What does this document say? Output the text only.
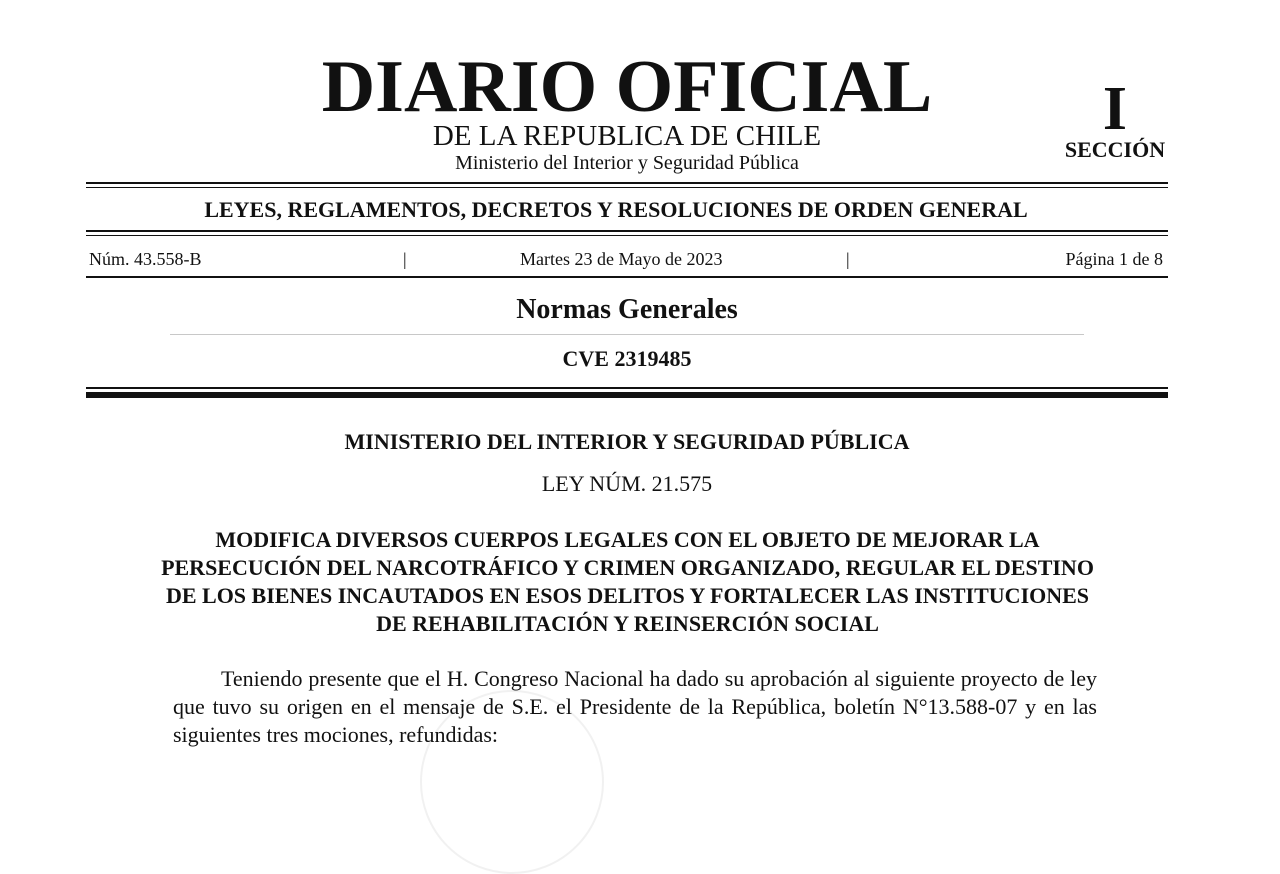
DIARIO OFICIAL
DE LA REPUBLICA DE CHILE
Ministerio del Interior y Seguridad Pública
I
SECCIÓN
LEYES, REGLAMENTOS, DECRETOS Y RESOLUCIONES DE ORDEN GENERAL
Núm. 43.558-B	|	Martes 23 de Mayo de 2023	|	Página 1 de 8
Normas Generales
CVE 2319485
MINISTERIO DEL INTERIOR Y SEGURIDAD PÚBLICA
LEY NÚM. 21.575
MODIFICA DIVERSOS CUERPOS LEGALES CON EL OBJETO DE MEJORAR LA PERSECUCIÓN DEL NARCOTRÁFICO Y CRIMEN ORGANIZADO, REGULAR EL DESTINO DE LOS BIENES INCAUTADOS EN ESOS DELITOS Y FORTALECER LAS INSTITUCIONES DE REHABILITACIÓN Y REINSERCIÓN SOCIAL
Teniendo presente que el H. Congreso Nacional ha dado su aprobación al siguiente proyecto de ley que tuvo su origen en el mensaje de S.E. el Presidente de la República, boletín N°13.588-07 y en las siguientes tres mociones, refundidas:
